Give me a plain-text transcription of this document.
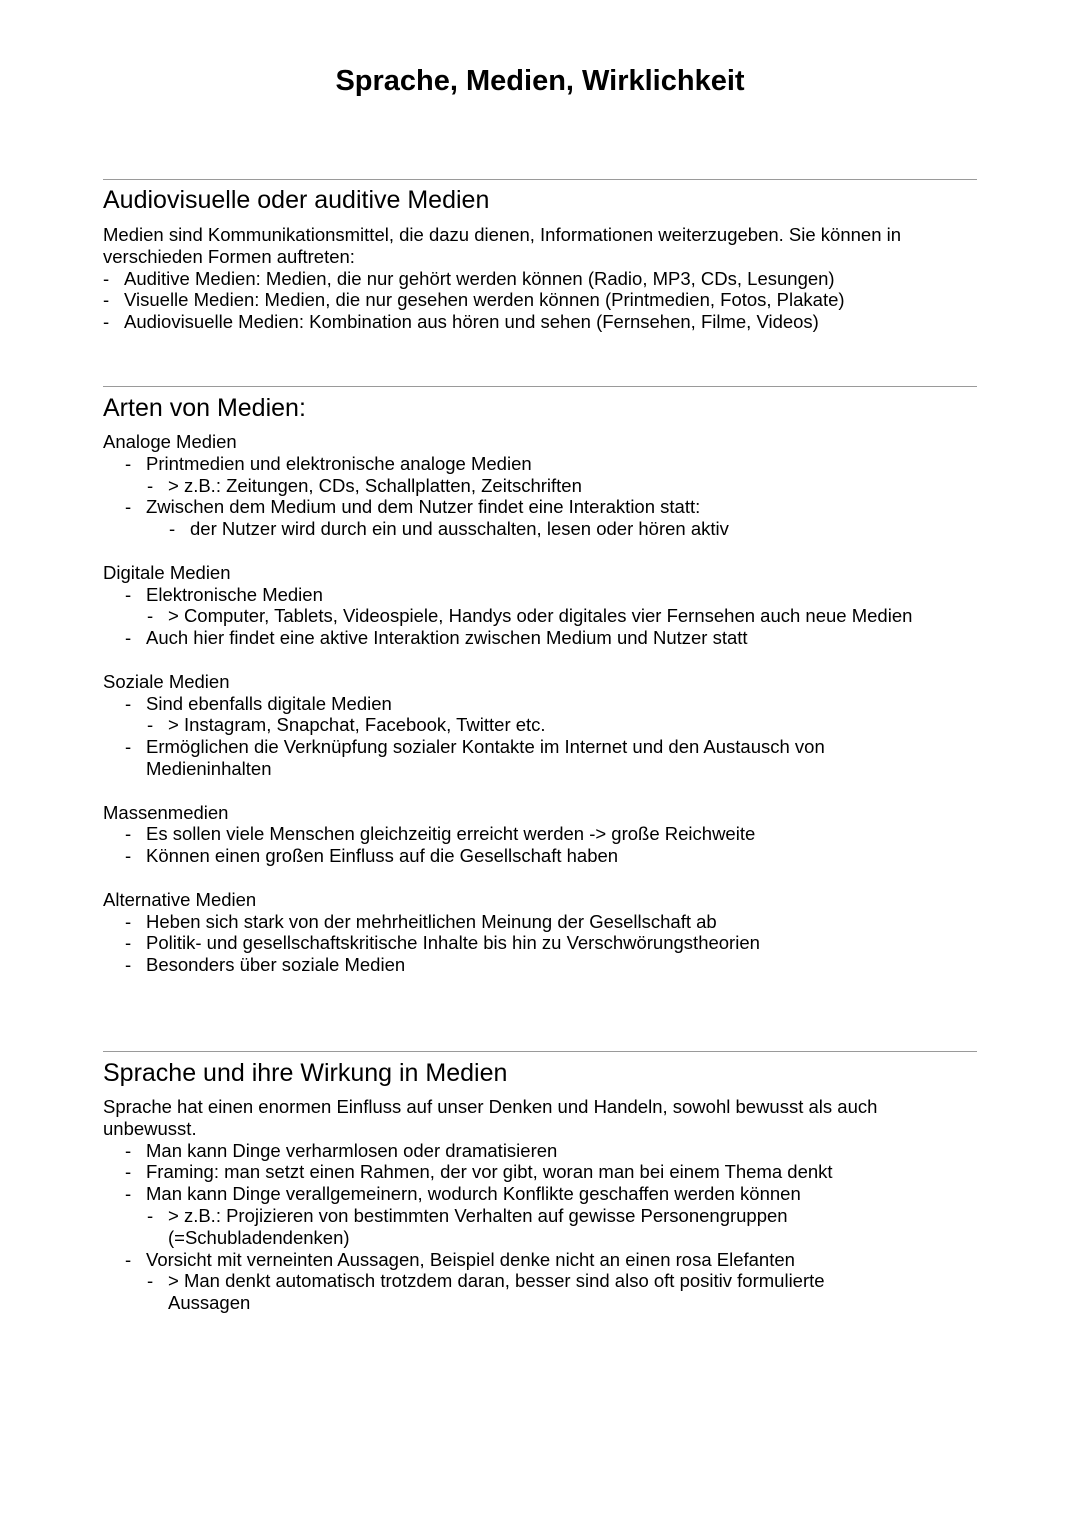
Sprache, Medien, Wirklichkeit
Audiovisuelle oder auditive Medien

Medien sind Kommunikationsmittel, die dazu dienen, Informationen weiterzugeben. Sie können in verschieden Formen auftreten:

- Auditive Medien: Medien, die nur gehört werden können (Radio, MP3, CDs, Lesungen)

- Visuelle Medien: Medien, die nur gesehen werden können (Printmedien, Fotos, Plakate)

- Audiovisuelle Medien: Kombination aus hören und sehen (Fernsehen, Filme, Videos)

Arten von Medien:

Analoge Medien

- Printmedien und elektronische analoge Medien

- > z.B.: Zeitungen, CDs, Schallplatten, Zeitschriften

- Zwischen dem Medium und dem Nutzer findet eine Interaktion statt:

- der Nutzer wird durch ein und ausschalten, lesen oder hören aktiv

Digitale Medien

- Elektronische Medien

- > Computer, Tablets, Videospiele, Handys oder digitales vier Fernsehen auch neue Medien

- Auch hier findet eine aktive Interaktion zwischen Medium und Nutzer statt

Soziale Medien

- Sind ebenfalls digitale Medien

- > Instagram, Snapchat, Facebook, Twitter etc.

- Ermöglichen die Verknüpfung sozialer Kontakte im Internet und den Austausch von Medieninhalten

Massenmedien

- Es sollen viele Menschen gleichzeitig erreicht werden -> große Reichweite

- Können einen großen Einfluss auf die Gesellschaft haben

Alternative Medien

- Heben sich stark von der mehrheitlichen Meinung der Gesellschaft ab

- Politik- und gesellschaftskritische Inhalte bis hin zu Verschwörungstheorien

- Besonders über soziale Medien

Sprache und ihre Wirkung in Medien

Sprache hat einen enormen Einfluss auf unser Denken und Handeln, sowohl bewusst als auch unbewusst.

- Man kann Dinge verharmlosen oder dramatisieren

- Framing: man setzt einen Rahmen, der vor gibt, woran man bei einem Thema denkt

- Man kann Dinge verallgemeinern, wodurch Konflikte geschaffen werden können

- > z.B.: Projizieren von bestimmten Verhalten auf gewisse Personengruppen (=Schubladendenken)

- Vorsicht mit verneinten Aussagen, Beispiel denke nicht an einen rosa Elefanten

- > Man denkt automatisch trotzdem daran, besser sind also oft positiv formulierte Aussagen
